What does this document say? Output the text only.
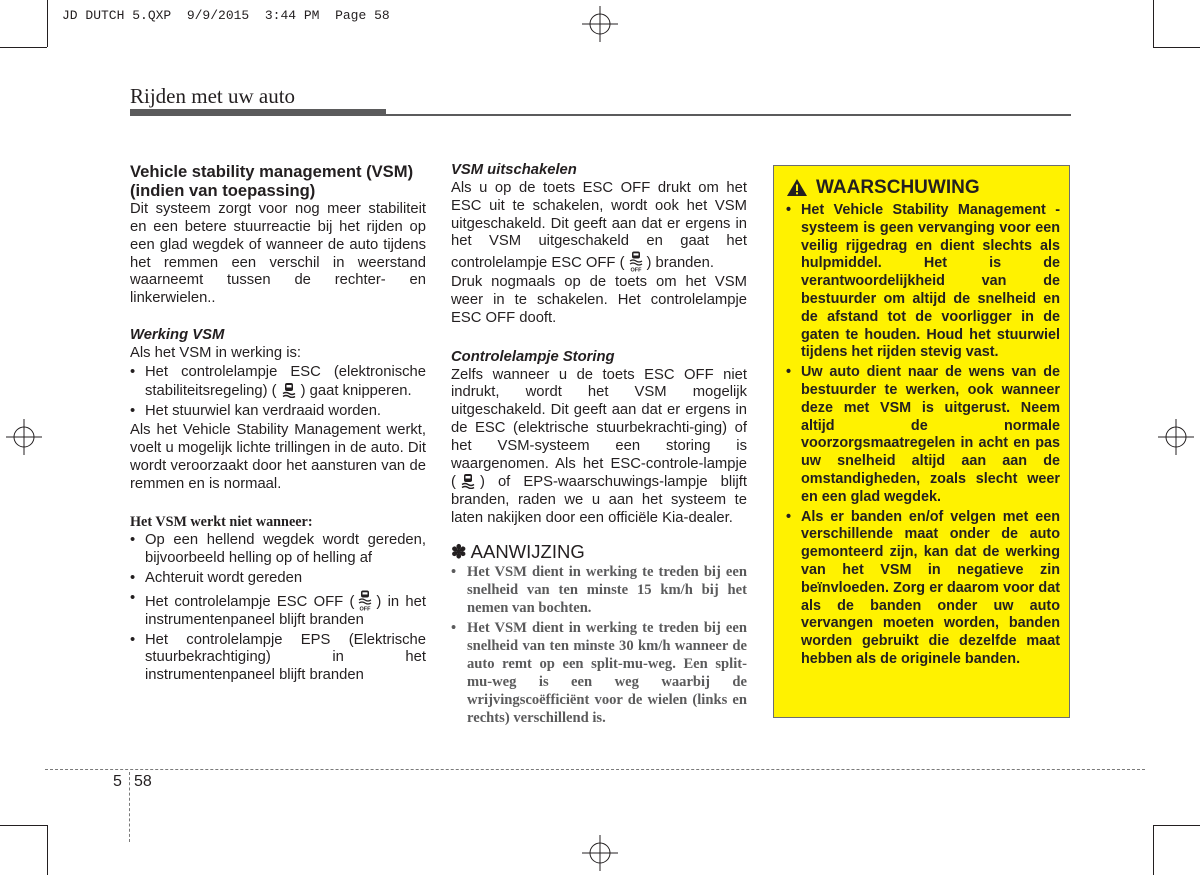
JD DUTCH 5.QXP 9/9/2015 3:44 PM Page 58
Rijden met uw auto
Vehicle stability management (VSM) (indien van toepassing)

Dit systeem zorgt voor nog meer stabiliteit en een betere stuurreactie bij het rijden op een glad wegdek of wanneer de auto tijdens het remmen een verschil in weerstand waarneemt tussen de rechter- en linkerwielen..

Werking VSM

Als het VSM in werking is:

• Het controlelampje ESC (elektronische stabiliteitsregeling) ( ) gaat knipperen.
• Het stuurwiel kan verdraaid worden.

Als het Vehicle Stability Management werkt, voelt u mogelijk lichte trillingen in de auto. Dit wordt veroorzaakt door het aansturen van de remmen en is normaal.

Het VSM werkt niet wanneer:
• Op een hellend wegdek wordt gereden, bijvoorbeeld helling op of helling af
• Achteruit wordt gereden
• Het controlelampje ESC OFF ( OFF ) in het instrumentenpaneel blijft branden
• Het controlelampje EPS (Elektrische stuurbekrachtiging) in het instrumentenpaneel blijft branden
VSM uitschakelen

Als u op de toets ESC OFF drukt om het ESC uit te schakelen, wordt ook het VSM uitgeschakeld. Dit geeft aan dat er ergens in het VSM uitgeschakeld en gaat het controlelampje ESC OFF ( OFF ) branden.

Druk nogmaals op de toets om het VSM weer in te schakelen. Het controlelampje ESC OFF dooft.

Controlelampje Storing

Zelfs wanneer u de toets ESC OFF niet indrukt, wordt het VSM mogelijk uitgeschakeld. Dit geeft aan dat er ergens in de ESC (elektrische stuurbekrachti-ging) of het VSM-systeem een storing is waargenomen. Als het ESC-controle-lampje ( ) of EPS-waarschuwings-lampje blijft branden, raden we u aan het systeem te laten nakijken door een officiële Kia-dealer.

✽ AANWIJZING
• Het VSM dient in werking te treden bij een snelheid van ten minste 15 km/h bij het nemen van bochten.
• Het VSM dient in werking te treden bij een snelheid van ten minste 30 km/h wanneer de auto remt op een split-mu-weg. Een split-mu-weg is een weg waarbij de wrijvingscoëfficiënt voor de wielen (links en rechts) verschillend is.
WAARSCHUWING
• Het Vehicle Stability Management -systeem is geen vervanging voor een veilig rijgedrag en dient slechts als hulpmiddel. Het is de verantwoordelijkheid van de bestuurder om altijd de snelheid en de afstand tot de voorligger in de gaten te houden. Houd het stuurwiel tijdens het rijden stevig vast.
• Uw auto dient naar de wens van de bestuurder te werken, ook wanneer deze met VSM is uitgerust. Neem altijd de normale voorzorgsmaatregelen in acht en pas uw snelheid altijd aan aan de omstandigheden, zoals slecht weer en een glad wegdek.
• Als er banden en/of velgen met een verschillende maat onder de auto gemonteerd zijn, kan dat de werking van het VSM in negatieve zin beïnvloeden. Zorg er daarom voor dat als de banden onder uw auto vervangen moeten worden, banden worden gebruikt die dezelfde maat hebben als de originele banden.
5 58
